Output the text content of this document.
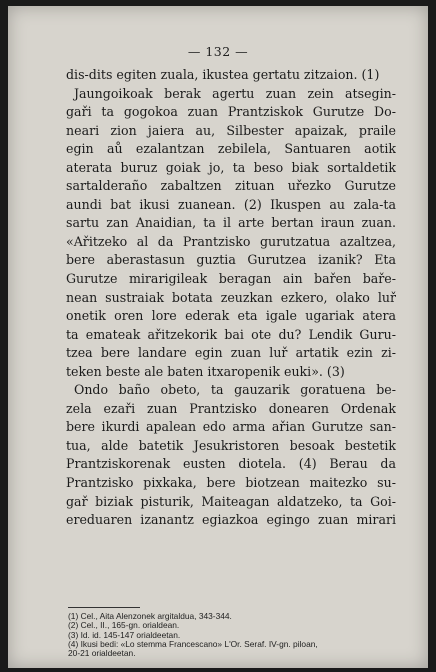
— 132 —
dis-dits egiten zuala, ikustea gertatu zitzaion. (1)
Jaungoikoak berak agertu zuan zein atsegin-
gaři ta gogokoa zuan Prantziskok Gurutze Do-
neari zion jaiera au, Silbester apaizak, praile
egin aů ezalantzan zebilela, Santuaren aotik
aterata buruz goiak jo, ta beso biak sortaldetik
sartalderaño zabaltzen zituan uřezko Gurutze
aundi bat ikusi zuanean. (2) Ikuspen au zala-ta
sartu zan Anaidian, ta il arte bertan iraun zuan.
«Ařitzeko al da Prantzisko gurutzatua azaltzea,
bere aberastasun guztia Gurutzea izanik? Eta
Gurutze mirarigileak beragan ain bařen baře-
nean sustraiak botata zeuzkan ezkero, olako luř
onetik oren lore ederak eta igale ugariak atera
ta emateak ařitzekorik bai ote du? Lendik Guru-
tzea bere landare egin zuan luř artatik ezin zi-
teken beste ale baten itxaropenik euki». (3)
Ondo baño obeto, ta gauzarik goratuena be-
zela ezaři zuan Prantzisko donearen Ordenak
bere ikurdi apalean edo arma ařian Gurutze san-
tua, alde batetik Jesukristoren besoak bestetik
Prantziskorenak eusten diotela. (4) Berau da
Prantzisko pixkaka, bere biotzean maitezko su-
gař biziak pisturik, Maiteagan aldatzeko, ta Goi-
ereduaren izanantz egiazkoa egingo zuan mirari
(1) Cel., Aita Alenzonek argitaldua, 343-344.
(2) Cel., II., 165-gn. orialdean.
(3) Id. id. 145-147 orialdeetan.
(4) Ikusi bedi: «Lo stemma Francescano» L'Or. Seraf. IV-gn. piloan,
20-21 orialdeetan.
